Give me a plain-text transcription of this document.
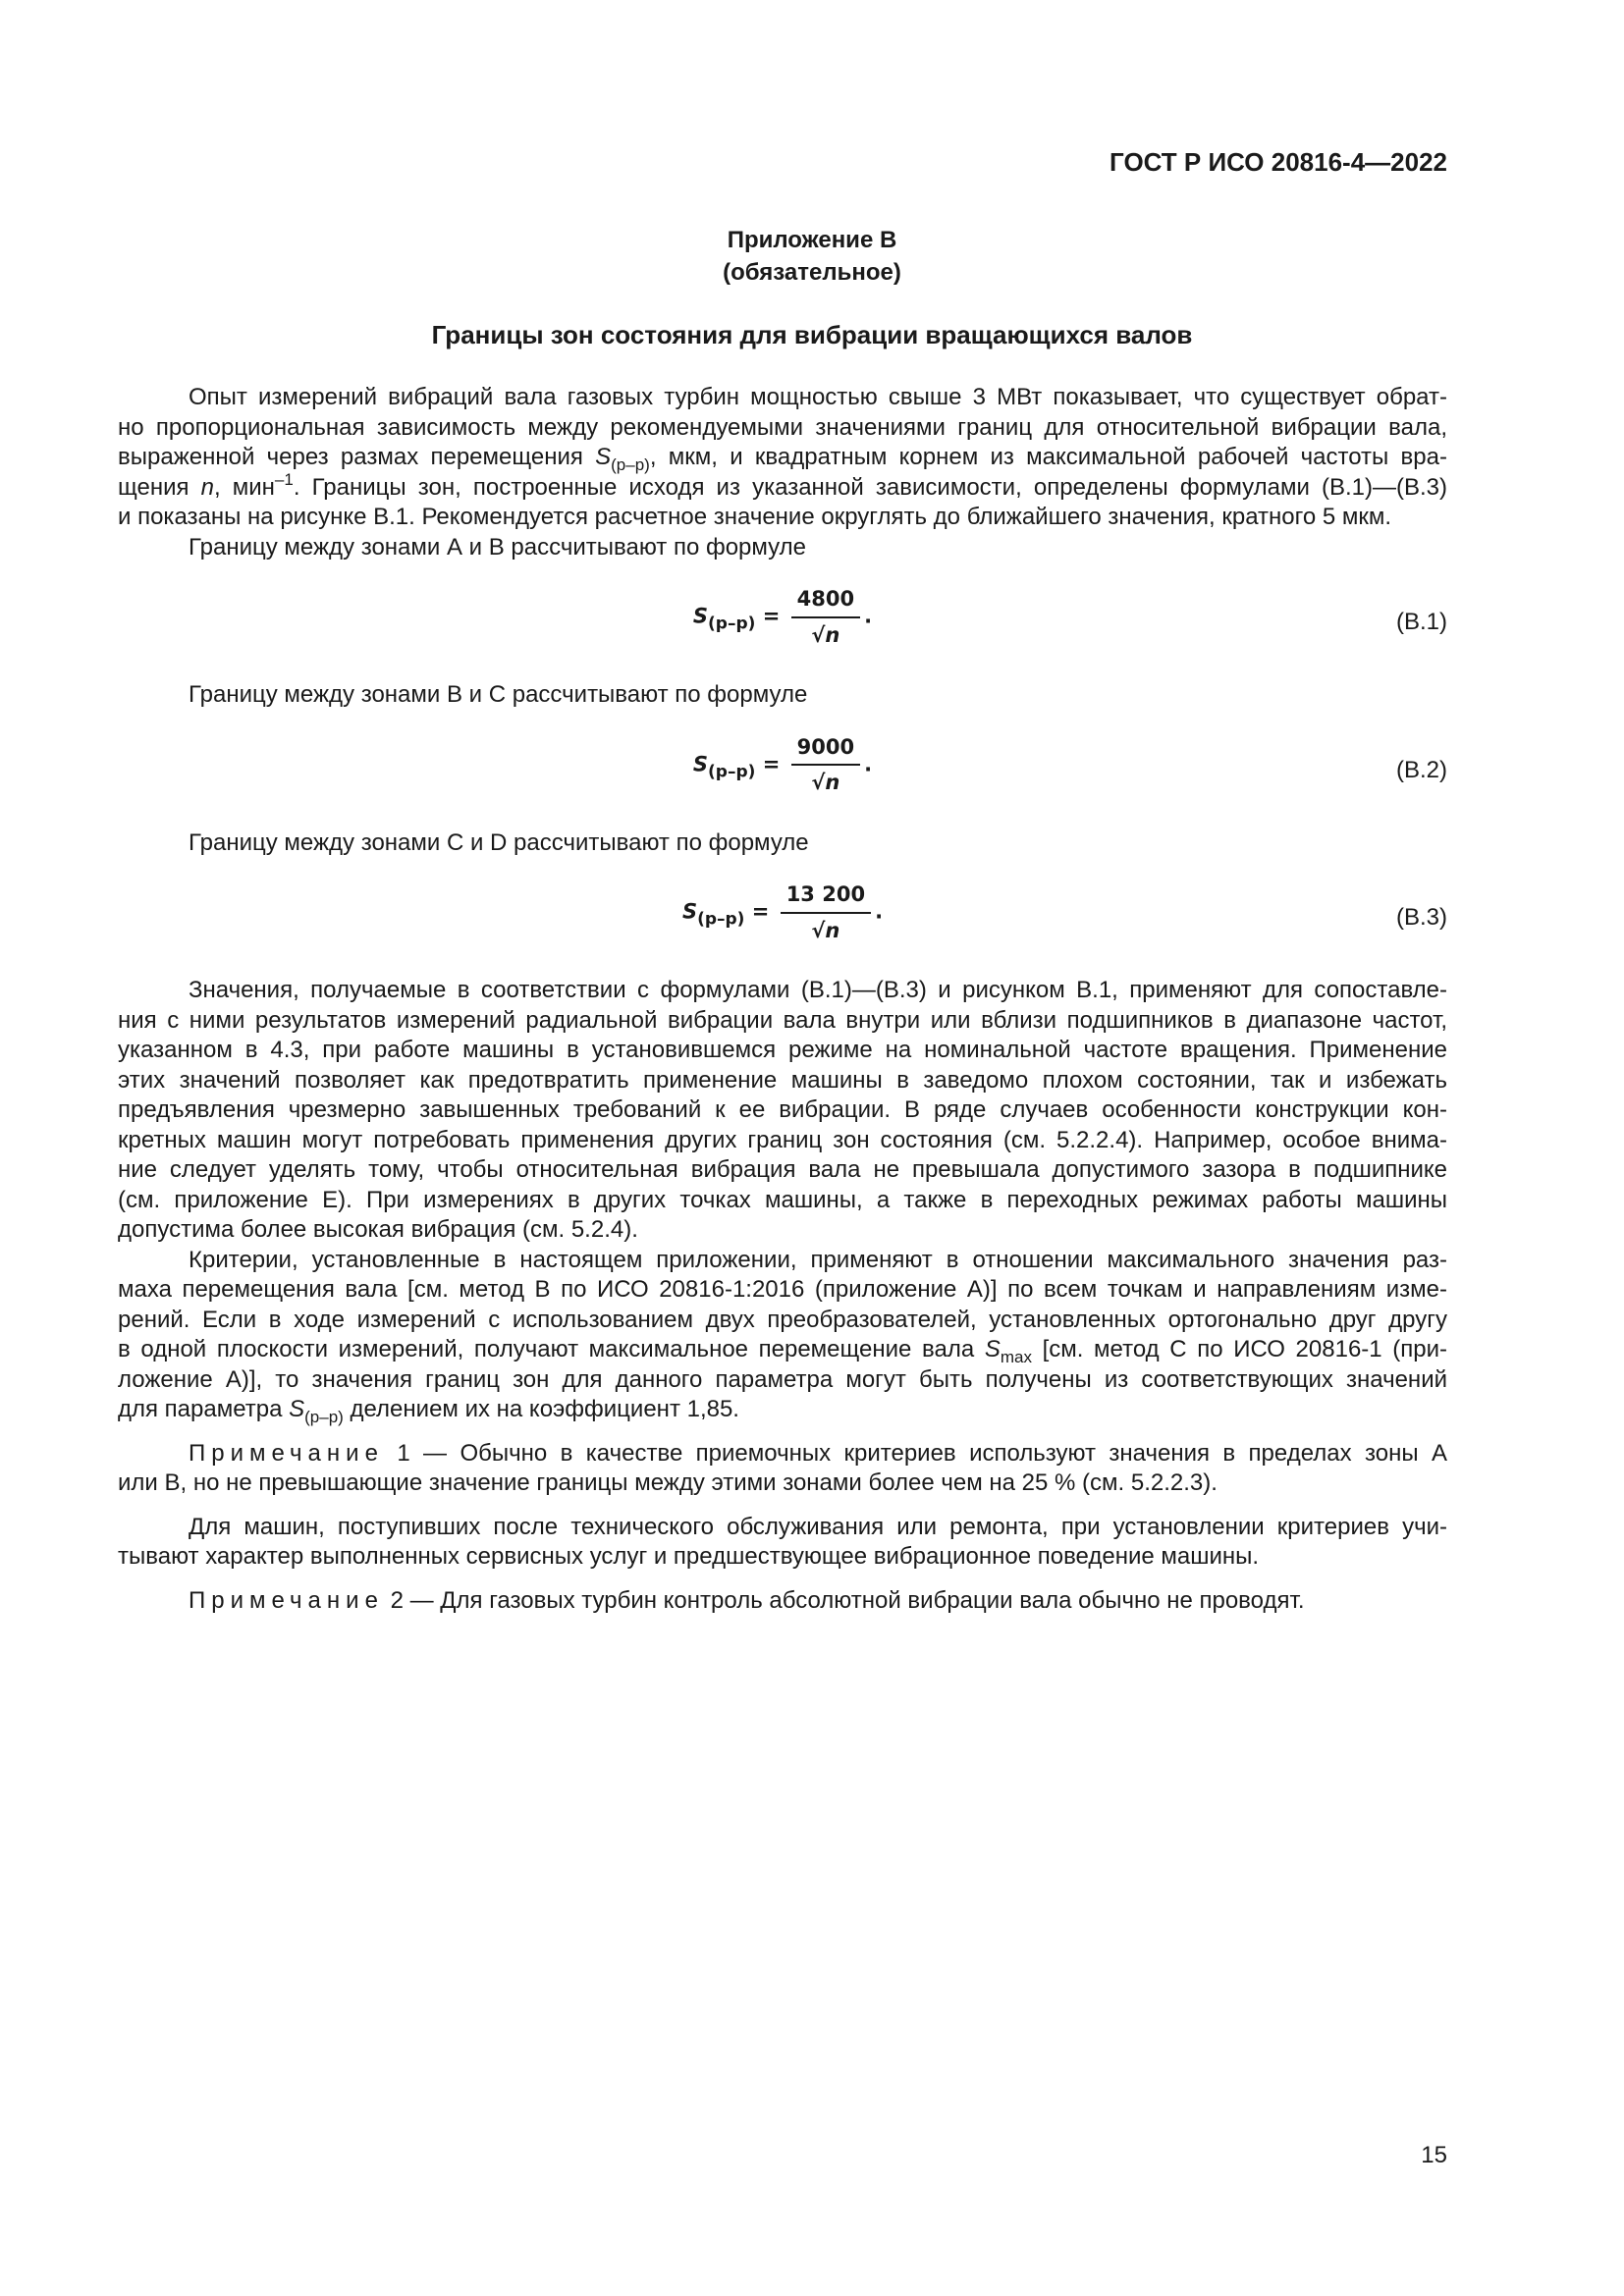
ГОСТ Р ИСО 20816-4—2022
Приложение В
(обязательное)
Границы зон состояния для вибрации вращающихся валов

Опыт измерений вибраций вала газовых турбин мощностью свыше 3 МВт показывает, что существует обрат-
но пропорциональная зависимость между рекомендуемыми значениями границ для относительной вибрации вала,
выраженной через размах перемещения $S_{(р-р)}$, мкм, и квадратным корнем из максимальной рабочей частоты вра-
щения n, мин$^{-1}$. Границы зон, построенные исходя из указанной зависимости, определены формулами (В.1)—(В.3)
и показаны на рисунке В.1. Рекомендуется расчетное значение округлять до ближайшего значения, кратного 5 мкм.

Границу между зонами А и В рассчитывают по формуле

$S_{(р-р)} = \frac{4800}{√n}$ .	(В.1)

Границу между зонами В и С рассчитывают по формуле

$S_{(р-р)} = \frac{9000}{√n}$ .	(В.2)

Границу между зонами С и D рассчитывают по формуле

$S_{(р-р)} = \frac{13 200}{√n}$ .	(В.3)

Значения, получаемые в соответствии с формулами (В.1)—(В.3) и рисунком В.1, применяют для сопоставле-
ния с ними результатов измерений радиальной вибрации вала внутри или вблизи подшипников в диапазоне частот,
указанном в 4.3, при работе машины в установившемся режиме на номинальной частоте вращения. Применение
этих значений позволяет как предотвратить применение машины в заведомо плохом состоянии, так и избежать
предъявления чрезмерно завышенных требований к ее вибрации. В ряде случаев особенности конструкции кон-
кретных машин могут потребовать применения других границ зон состояния (см. 5.2.2.4). Например, особое внима-
ние следует уделять тому, чтобы относительная вибрация вала не превышала допустимого зазора в подшипнике
(см. приложение Е). При измерениях в других точках машины, а также в переходных режимах работы машины
допустима более высокая вибрация (см. 5.2.4).

Критерии, установленные в настоящем приложении, применяют в отношении максимального значения раз-
маха перемещения вала [см. метод В по ИСО 20816-1:2016 (приложение А)] по всем точкам и направлениям изме-
рений. Если в ходе измерений с использованием двух преобразователей, установленных ортогонально друг другу
в одной плоскости измерений, получают максимальное перемещение вала $S_{max}$ [см. метод С по ИСО 20816-1 (при-
ложение А)], то значения границ зон для данного параметра могут быть получены из соответствующих значений
для параметра $S_{(р-р)}$ делением их на коэффициент 1,85.

Примечание 1 — Обычно в качестве приемочных критериев используют значения в пределах зоны А
или В, но не превышающие значение границы между этими зонами более чем на 25 % (см. 5.2.2.3).

Для машин, поступивших после технического обслуживания или ремонта, при установлении критериев учи-
тывают характер выполненных сервисных услуг и предшествующее вибрационное поведение машины.

Примечание 2 — Для газовых турбин контроль абсолютной вибрации вала обычно не проводят.

15
